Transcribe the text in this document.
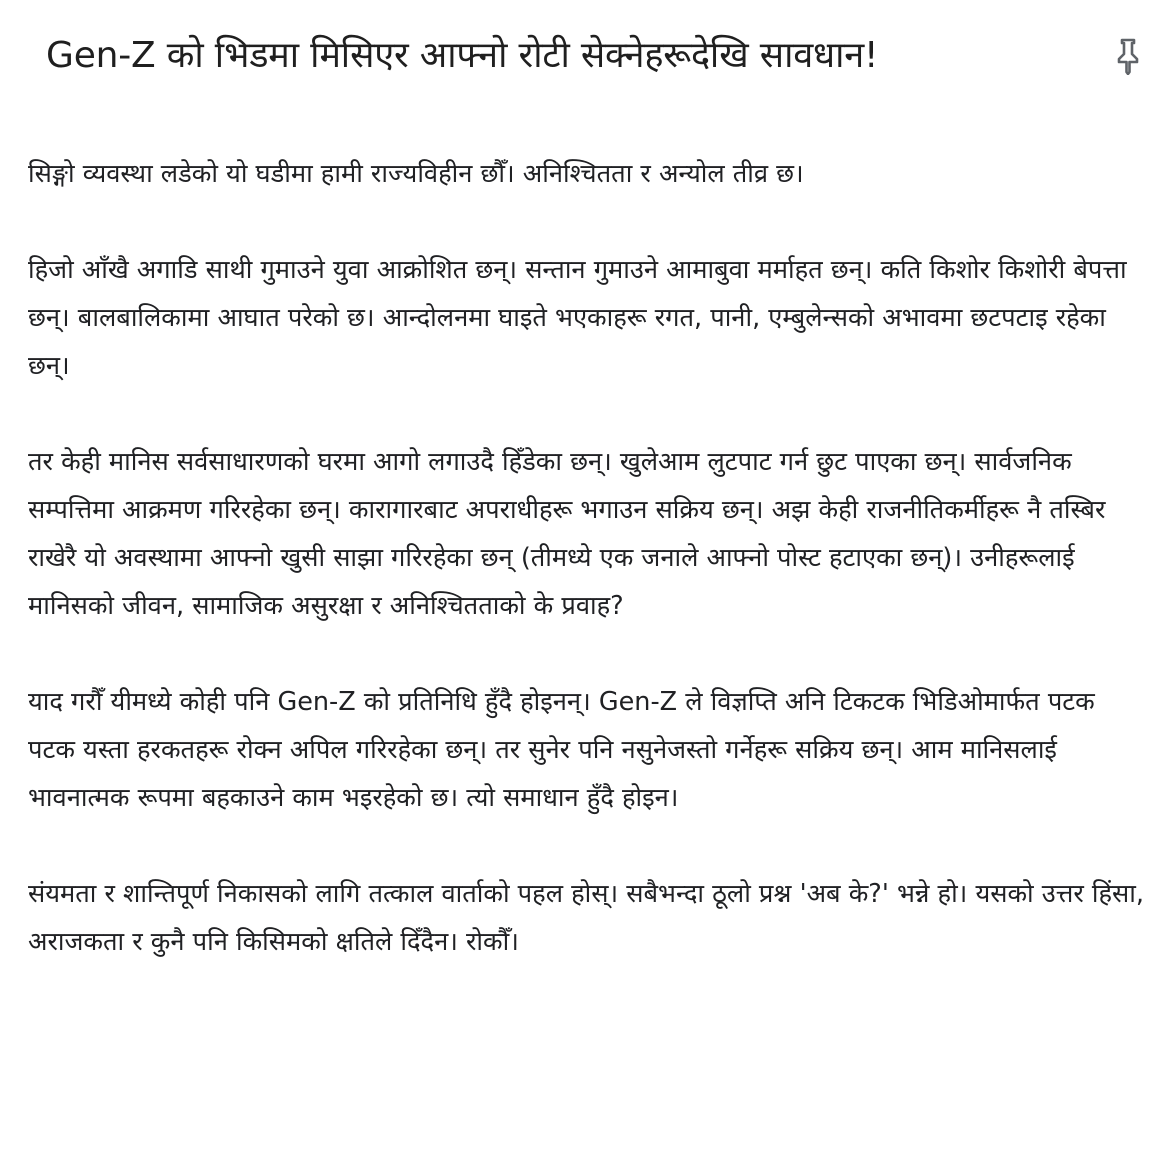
Gen-Z को भिडमा मिसिएर आफ्नो रोटी सेक्नेहरूदेखि सावधान!

सिङ्गो व्यवस्था लडेको यो घडीमा हामी राज्यविहीन छौँ। अनिश्चितता र अन्योल तीव्र छ।

हिजो आँखै अगाडि साथी गुमाउने युवा आक्रोशित छन्। सन्तान गुमाउने आमाबुवा मर्माहत छन्। कति किशोर किशोरी बेपत्ता छन्। बालबालिकामा आघात परेको छ। आन्दोलनमा घाइते भएकाहरू रगत, पानी, एम्बुलेन्सको अभावमा छटपटाइ रहेका छन्।

तर केही मानिस सर्वसाधारणको घरमा आगो लगाउदै हिँडेका छन्। खुलेआम लुटपाट गर्न छुट पाएका छन्। सार्वजनिक सम्पत्तिमा आक्रमण गरिरहेका छन्। कारागारबाट अपराधीहरू भगाउन सक्रिय छन्। अझ केही राजनीतिकर्मीहरू नै तस्बिर राखेरै यो अवस्थामा आफ्नो खुसी साझा गरिरहेका छन् (तीमध्ये एक जनाले आफ्नो पोस्ट हटाएका छन्)। उनीहरूलाई मानिसको जीवन, सामाजिक असुरक्षा र अनिश्चितताको के प्रवाह?

याद गरौँ यीमध्ये कोही पनि Gen-Z को प्रतिनिधि हुँदै होइनन्। Gen-Z ले विज्ञप्ति अनि टिकटक भिडिओमार्फत पटक पटक यस्ता हरकतहरू रोक्न अपिल गरिरहेका छन्। तर सुनेर पनि नसुनेजस्तो गर्नेहरू सक्रिय छन्। आम मानिसलाई भावनात्मक रूपमा बहकाउने काम भइरहेको छ। त्यो समाधान हुँदै होइन।

संयमता र शान्तिपूर्ण निकासको लागि तत्काल वार्ताको पहल होस्। सबैभन्दा ठूलो प्रश्न 'अब के?' भन्ने हो। यसको उत्तर हिंसा, अराजकता र कुनै पनि किसिमको क्षतिले दिँदैन। रोकौँ।
